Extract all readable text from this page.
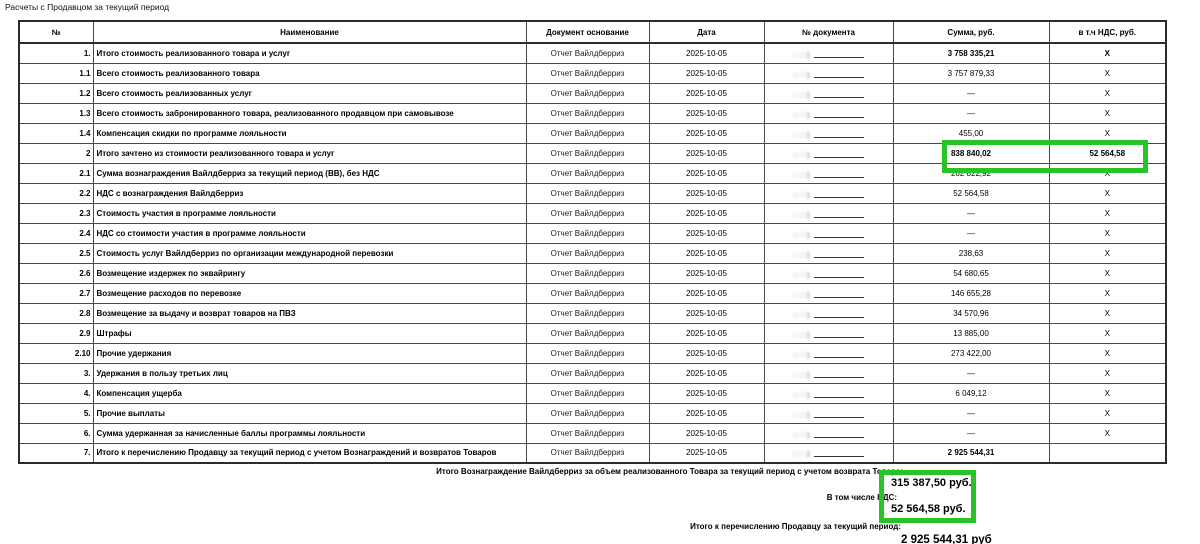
Расчеты с Продавцом за текущий период
№	Наименование	Документ основание	Дата	№ документа	Сумма, руб.	в т.ч НДС, руб.
1.	Итого стоимость реализованного товара и услуг	Отчет Вайлдберриз	2025-10-05	::::)	3 758 335,21	X
1.1	Всего стоимость реализованного товара	Отчет Вайлдберриз	2025-10-05	::::)	3 757 879,33	X
1.2	Всего стоимость реализованных услуг	Отчет Вайлдберриз	2025-10-05	::::)	—	X
1.3	Всего стоимость забронированного товара, реализованного продавцом при самовывозе	Отчет Вайлдберриз	2025-10-05	::::)	—	X
1.4	Компенсация скидки по программе лояльности	Отчет Вайлдберриз	2025-10-05	::::)	455,00	X
2	Итого зачтено из стоимости реализованного товара и услуг	Отчет Вайлдберриз	2025-10-05	::::)	838 840,02	52 564,58
2.1	Сумма вознаграждения Вайлдберриз за текущий период (ВВ), без НДС	Отчет Вайлдберриз	2025-10-05	::::)	262 822,92	X
2.2	НДС с вознаграждения Вайлдберриз	Отчет Вайлдберриз	2025-10-05	::::)	52 564,58	X
2.3	Стоимость участия в программе лояльности	Отчет Вайлдберриз	2025-10-05	::::)	—	X
2.4	НДС со стоимости участия в программе лояльности	Отчет Вайлдберриз	2025-10-05	::::)	—	X
2.5	Стоимость услуг Вайлдберриз по организации международной перевозки	Отчет Вайлдберриз	2025-10-05	::::)	238,63	X
2.6	Возмещение издержек по эквайрингу	Отчет Вайлдберриз	2025-10-05	::::)	54 680,65	X
2.7	Возмещение расходов по перевозке	Отчет Вайлдберриз	2025-10-05	::::)	146 655,28	X
2.8	Возмещение за выдачу и возврат товаров на ПВЗ	Отчет Вайлдберриз	2025-10-05	::::)	34 570,96	X
2.9	Штрафы	Отчет Вайлдберриз	2025-10-05	::::)	13 885,00	X
2.10	Прочие удержания	Отчет Вайлдберриз	2025-10-05	::::)	273 422,00	X
3.	Удержания в пользу третьих лиц	Отчет Вайлдберриз	2025-10-05	::::)	—	X
4.	Компенсация ущерба	Отчет Вайлдберриз	2025-10-05	::::)	6 049,12	X
5.	Прочие выплаты	Отчет Вайлдберриз	2025-10-05	::::)	—	X
6.	Сумма удержанная за начисленные баллы программы лояльности	Отчет Вайлдберриз	2025-10-05	::::)	—	X
7.	Итого к перечислению Продавцу за текущий период с учетом Вознаграждений и возвратов Товаров	Отчет Вайлдберриз	2025-10-05	::::)	2 925 544,31	
Итого Вознаграждение Вайлдберриз за объем реализованного Товара за текущий период с учетом возврата Товара:
315 387,50 руб.
В том числе НДС:
52 564,58 руб.
Итого к перечислению Продавцу за текущий период:
2 925 544,31 руб
